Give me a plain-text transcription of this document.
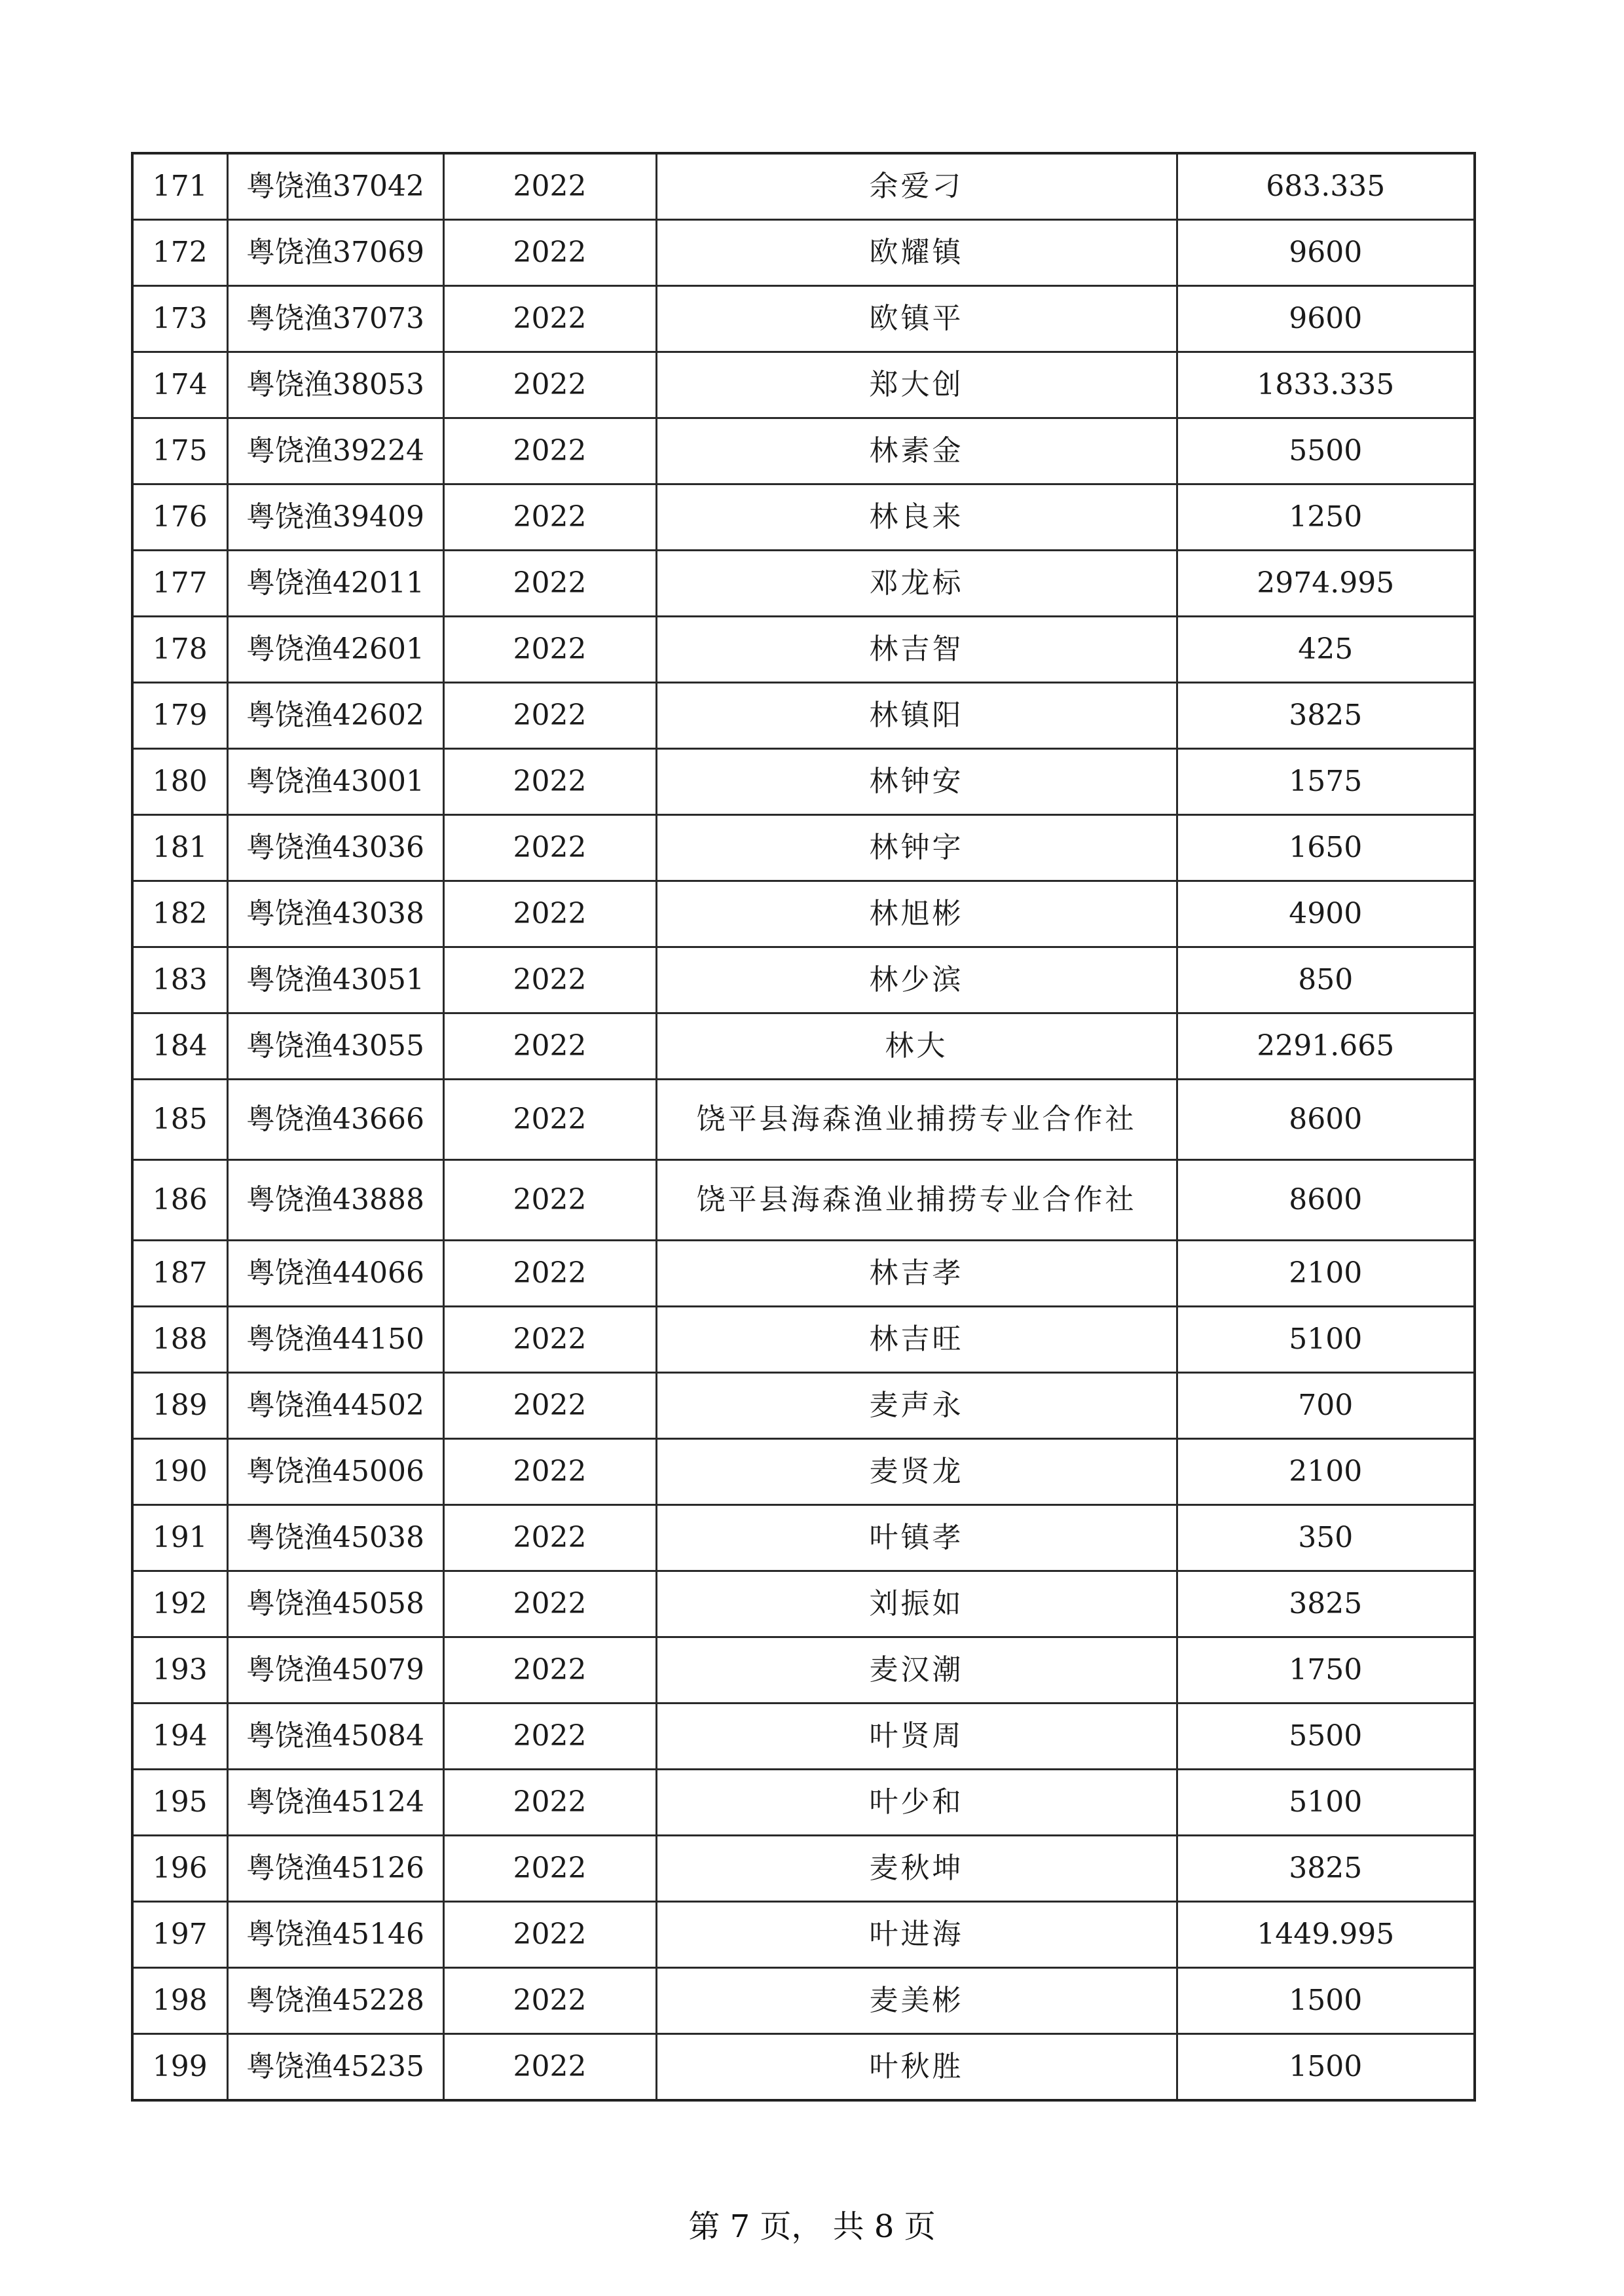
171	粤饶渔37042	2022	余爱刁	683.335
172	粤饶渔37069	2022	欧耀镇	9600
173	粤饶渔37073	2022	欧镇平	9600
174	粤饶渔38053	2022	郑大创	1833.335
175	粤饶渔39224	2022	林素金	5500
176	粤饶渔39409	2022	林良来	1250
177	粤饶渔42011	2022	邓龙标	2974.995
178	粤饶渔42601	2022	林吉智	425
179	粤饶渔42602	2022	林镇阳	3825
180	粤饶渔43001	2022	林钟安	1575
181	粤饶渔43036	2022	林钟字	1650
182	粤饶渔43038	2022	林旭彬	4900
183	粤饶渔43051	2022	林少滨	850
184	粤饶渔43055	2022	林大	2291.665
185	粤饶渔43666	2022	饶平县海森渔业捕捞专业合作社	8600
186	粤饶渔43888	2022	饶平县海森渔业捕捞专业合作社	8600
187	粤饶渔44066	2022	林吉孝	2100
188	粤饶渔44150	2022	林吉旺	5100
189	粤饶渔44502	2022	麦声永	700
190	粤饶渔45006	2022	麦贤龙	2100
191	粤饶渔45038	2022	叶镇孝	350
192	粤饶渔45058	2022	刘振如	3825
193	粤饶渔45079	2022	麦汉潮	1750
194	粤饶渔45084	2022	叶贤周	5500
195	粤饶渔45124	2022	叶少和	5100
196	粤饶渔45126	2022	麦秋坤	3825
197	粤饶渔45146	2022	叶进海	1449.995
198	粤饶渔45228	2022	麦美彬	1500
199	粤饶渔45235	2022	叶秋胜	1500
第 7 页， 共 8 页
